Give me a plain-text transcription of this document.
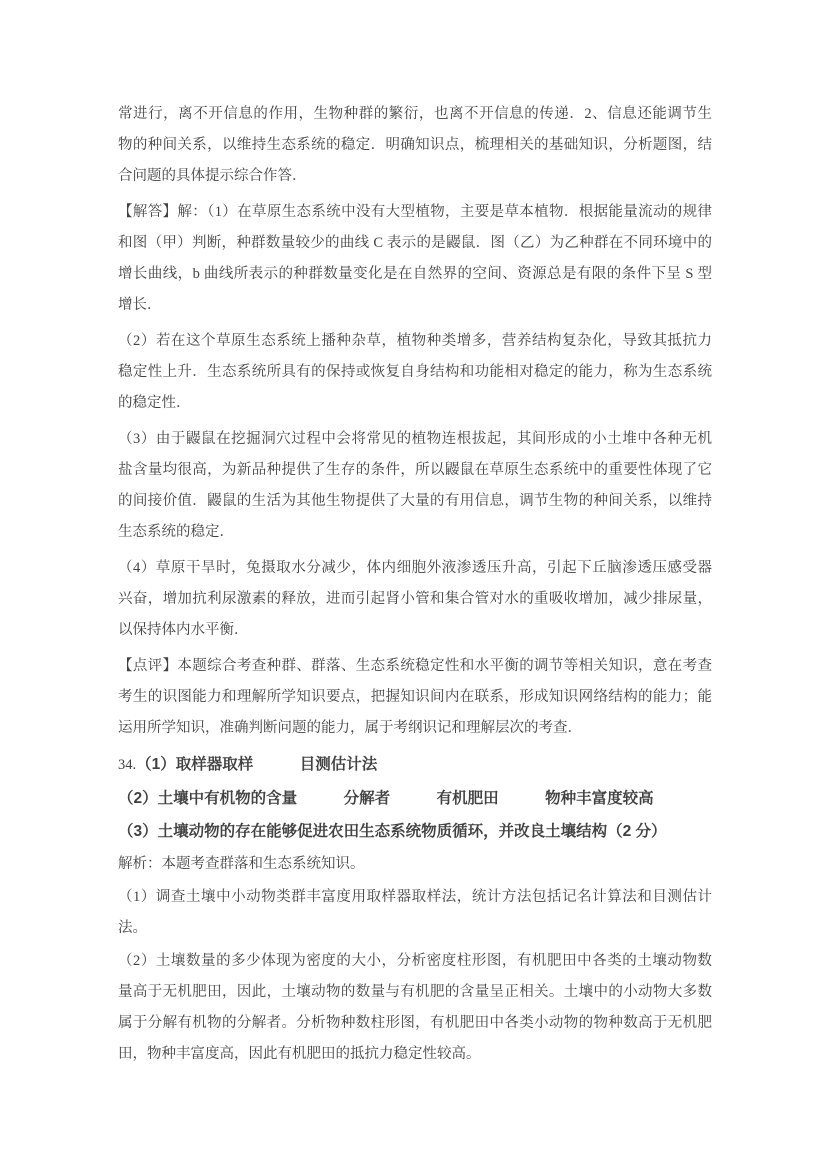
常进行，离不开信息的作用，生物种群的繁衍，也离不开信息的传递．2、信息还能调节生
物的种间关系，以维持生态系统的稳定．明确知识点，梳理相关的基础知识，分析题图，结
合问题的具体提示综合作答．
【解答】解：（1）在草原生态系统中没有大型植物，主要是草本植物．根据能量流动的规律
和图（甲）判断，种群数量较少的曲线 C 表示的是鼹鼠．图（乙）为乙种群在不同环境中的
增长曲线，b 曲线所表示的种群数量变化是在自然界的空间、资源总是有限的条件下呈 S 型
增长．
（2）若在这个草原生态系统上播种杂草，植物种类增多，营养结构复杂化，导致其抵抗力
稳定性上升．生态系统所具有的保持或恢复自身结构和功能相对稳定的能力，称为生态系统
的稳定性．
（3）由于鼹鼠在挖掘洞穴过程中会将常见的植物连根拔起，其间形成的小土堆中各种无机
盐含量均很高，为新品种提供了生存的条件，所以鼹鼠在草原生态系统中的重要性体现了它
的间接价值．鼹鼠的生活为其他生物提供了大量的有用信息，调节生物的种间关系，以维持
生态系统的稳定．
（4）草原干旱时，兔摄取水分减少，体内细胞外液渗透压升高，引起下丘脑渗透压感受器
兴奋，增加抗利尿激素的释放，进而引起肾小管和集合管对水的重吸收增加，减少排尿量，
以保持体内水平衡．
【点评】本题综合考查种群、群落、生态系统稳定性和水平衡的调节等相关知识，意在考查
考生的识图能力和理解所学知识要点，把握知识间内在联系，形成知识网络结构的能力；能
运用所学知识，准确判断问题的能力，属于考纲识记和理解层次的考查．
34.（1）取样器取样　　　目测估计法
（2）土壤中有机物的含量　　　分解者　　　有机肥田　　　物种丰富度较高
（3）土壤动物的存在能够促进农田生态系统物质循环，并改良土壤结构（2 分）
解析：本题考查群落和生态系统知识。
（1）调查土壤中小动物类群丰富度用取样器取样法，统计方法包括记名计算法和目测估计
法。
（2）土壤数量的多少体现为密度的大小，分析密度柱形图，有机肥田中各类的土壤动物数
量高于无机肥田，因此，土壤动物的数量与有机肥的含量呈正相关。土壤中的小动物大多数
属于分解有机物的分解者。分析物种数柱形图，有机肥田中各类小动物的物种数高于无机肥
田，物种丰富度高，因此有机肥田的抵抗力稳定性较高。
